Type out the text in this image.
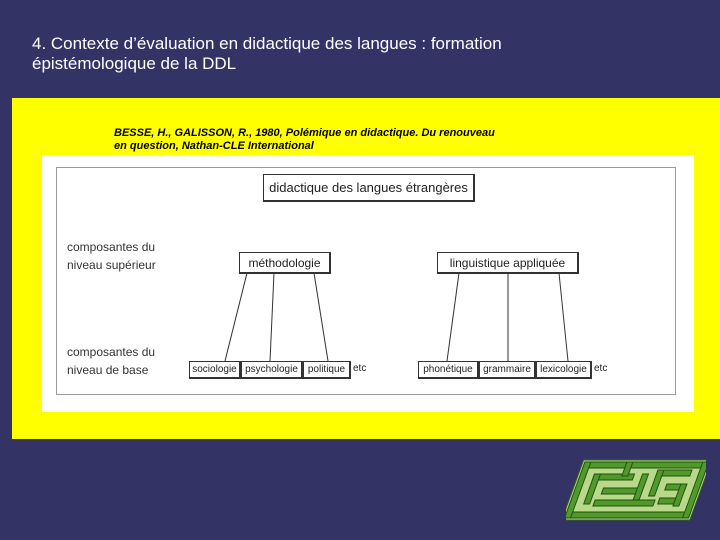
4. Contexte d’évaluation en didactique des langues : formation
épistémologique de la DDL
BESSE, H., GALISSON, R., 1980, Polémique en didactique. Du renouveau
en question, Nathan-CLE International
didactique des langues étrangères
composantes du
niveau supérieur
composantes du
niveau de base
méthodologie	linguistique appliquée
sociologie psychologie politique etc	phonétique	grammaire lexicologie etc
